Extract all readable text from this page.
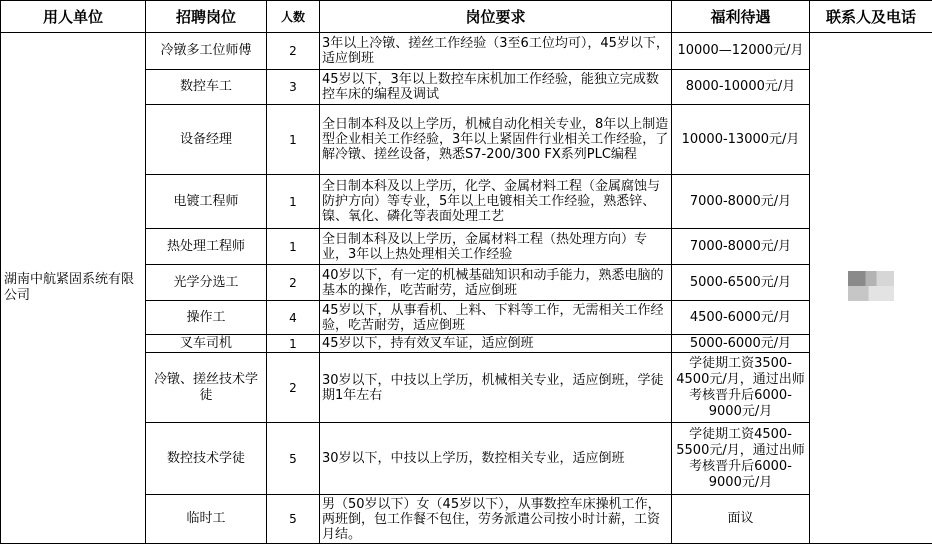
用人单位	招聘岗位	人数	岗位要求	福利待遇	联系人及电话
湖南中航紧固系统有限公司	冷镦多工位师傅	2	3年以上冷镦、搓丝工作经验（3至6工位均可），45岁以下，适应倒班	10000—12000元/月	
	数控车工	3	45岁以下，3年以上数控车床机加工作经验，能独立完成数控车床的编程及调试	8000-10000元/月	
	设备经理	1	全日制本科及以上学历，机械自动化相关专业，8年以上制造型企业相关工作经验，3年以上紧固件行业相关工作经验，了解冷镦、搓丝设备，熟悉S7-200/300 FX系列PLC编程	10000-13000元/月	
	电镀工程师	1	全日制本科及以上学历，化学、金属材料工程（金属腐蚀与防护方向）等专业，5年以上电镀相关工作经验，熟悉锌、镍、氧化、磷化等表面处理工艺	7000-8000元/月	
	热处理工程师	1	全日制本科及以上学历，金属材料工程（热处理方向）专业，3年以上热处理相关工作经验	7000-8000元/月	
	光学分选工	2	40岁以下，有一定的机械基础知识和动手能力，熟悉电脑的基本的操作，吃苦耐劳，适应倒班	5000-6500元/月	
	操作工	4	45岁以下，从事看机、上料、下料等工作，无需相关工作经验，吃苦耐劳，适应倒班	4500-6000元/月	
	叉车司机	1	45岁以下，持有效叉车证，适应倒班	5000-6000元/月	
	冷镦、搓丝技术学徒	2	30岁以下，中技以上学历，机械相关专业，适应倒班，学徒期1年左右	学徒期工资3500-4500元/月，通过出师考核晋升后6000-9000元/月	
	数控技术学徒	5	30岁以下，中技以上学历，数控相关专业，适应倒班	学徒期工资4500-5500元/月，通过出师考核晋升后6000-9000元/月	
	临时工	5	男（50岁以下）女（45岁以下），从事数控车床操机工作，两班倒，包工作餐不包住，劳务派遣公司按小时计薪，工资月结。	面议	
